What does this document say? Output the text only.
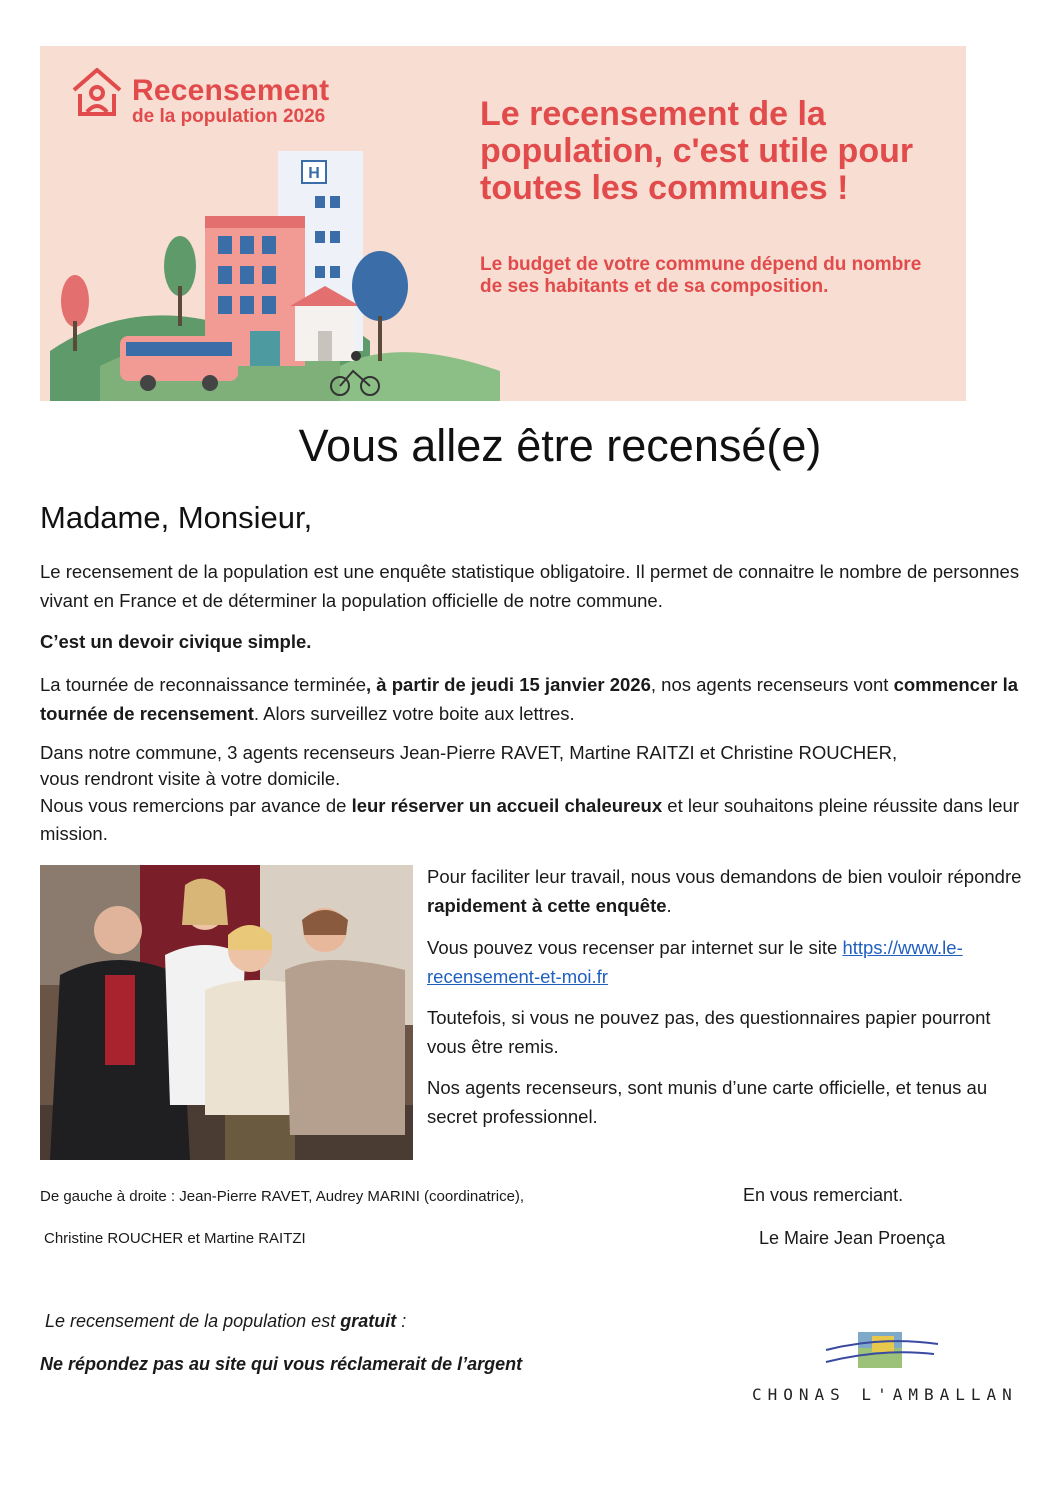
Recensement
de la population 2026	Le recensement de la population, c'est utile pour toutes les communes !
Le budget de votre commune dépend du nombre de ses habitants et de sa composition.
H
Vous allez être recensé(e)
Madame, Monsieur,
Le recensement de la population est une enquête statistique obligatoire. Il permet de connaitre le nombre de personnes vivant en France et de déterminer la population officielle de notre commune.
C’est un devoir civique simple.
La tournée de reconnaissance terminée, à partir de jeudi 15 janvier 2026, nos agents recenseurs vont commencer la tournée de recensement. Alors surveillez votre boite aux lettres.
Dans notre commune, 3 agents recenseurs Jean-Pierre RAVET, Martine RAITZI et Christine ROUCHER,
vous rendront visite à votre domicile.
Nous vous remercions par avance de leur réserver un accueil chaleureux et leur souhaitons pleine réussite dans leur mission.
Pour faciliter leur travail, nous vous demandons de bien vouloir répondre rapidement à cette enquête.
Vous pouvez vous recenser par internet sur le site https://www.le-recensement-et-moi.fr
Toutefois, si vous ne pouvez pas, des questionnaires papier pourront vous être remis.
Nos agents recenseurs, sont munis d’une carte officielle, et tenus au secret professionnel.
De gauche à droite : Jean-Pierre RAVET, Audrey MARINI (coordinatrice),
Christine ROUCHER et Martine RAITZI
En vous remerciant.
Le Maire Jean Proença
Le recensement de la population est gratuit :
Ne répondez pas au site qui vous réclamerait de l’argent
CHONAS L'AMBALLAN
